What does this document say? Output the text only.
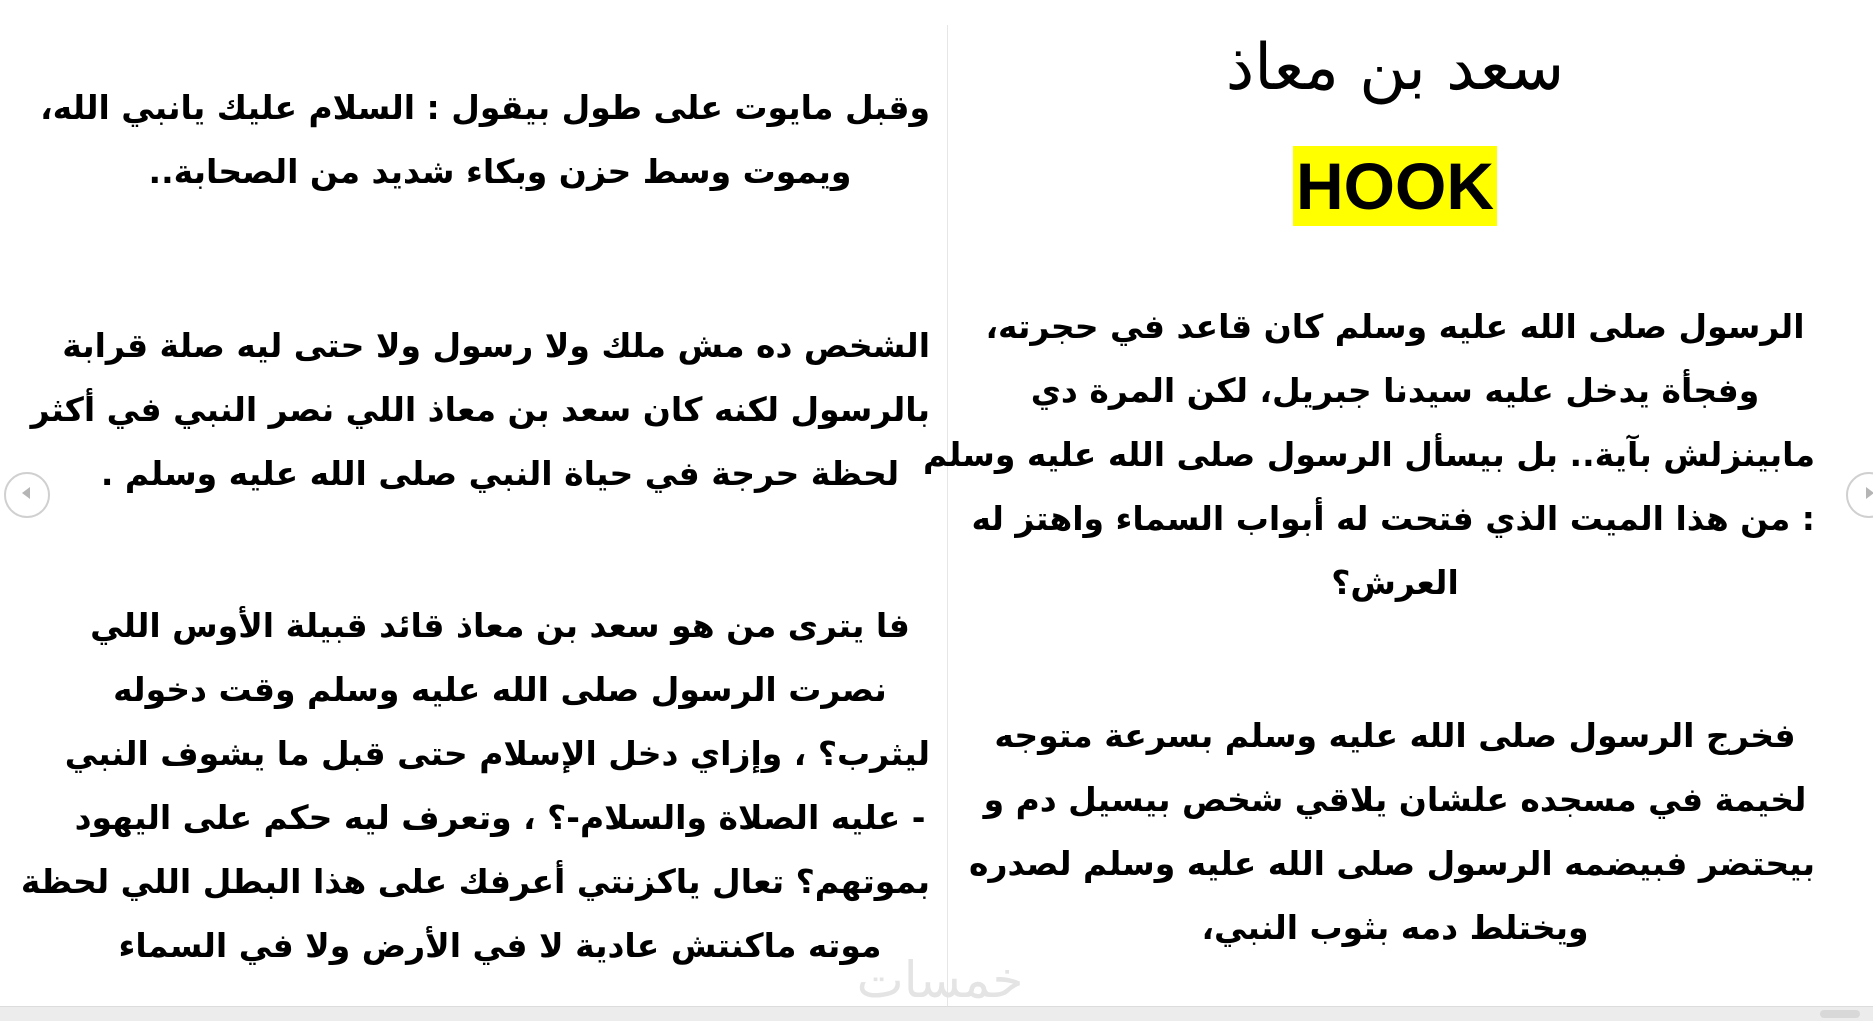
وقبل مايوت على طول بيقول : السلام عليك يانبي الله،
ويموت وسط حزن وبكاء شديد من الصحابة..
الشخص ده مش ملك ولا رسول ولا حتى ليه صلة قرابة
بالرسول لكنه كان سعد بن معاذ اللي نصر النبي في أكثر
لحظة حرجة في حياة النبي صلى الله عليه وسلم .
فا يترى من هو سعد بن معاذ قائد قبيلة الأوس اللي
نصرت الرسول صلى الله عليه وسلم وقت دخوله
ليثرب؟ ، وإزاي دخل الإسلام حتى قبل ما يشوف النبي
- عليه الصلاة والسلام-؟ ، وتعرف ليه حكم على اليهود
بموتهم؟ تعال ياكزنتي أعرفك على هذا البطل اللي لحظة
موته ماكنتش عادية لا في الأرض ولا في السماء
سعد بن معاذ
HOOK
الرسول صلى الله عليه وسلم كان قاعد في حجرته،
وفجأة يدخل عليه سيدنا جبريل، لكن المرة دي
مابينزلش بآية.. بل بيسأل الرسول صلى الله عليه وسلم
: من هذا الميت الذي فتحت له أبواب السماء واهتز له
العرش؟
فخرج الرسول صلى الله عليه وسلم بسرعة متوجه
لخيمة في مسجده علشان يلاقي شخص بيسيل دم و
بيحتضر فبيضمه الرسول صلى الله عليه وسلم لصدره
ويختلط دمه بثوب النبي،
خمسات
